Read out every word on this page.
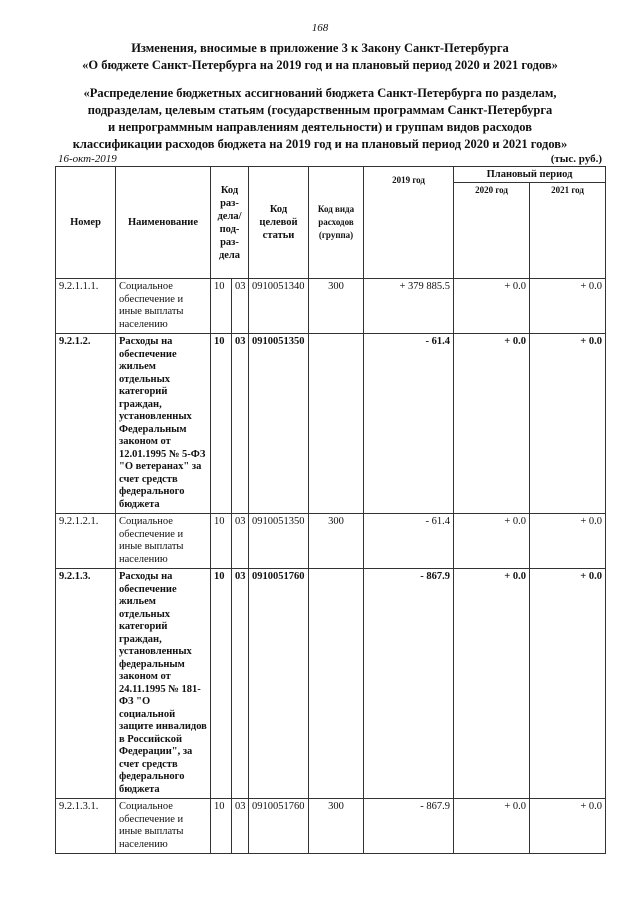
168
Изменения, вносимые в приложение 3 к Закону Санкт-Петербурга
«О бюджете Санкт-Петербурга на 2019 год и на плановый период 2020 и 2021 годов»
«Распределение бюджетных ассигнований бюджета Санкт-Петербурга по разделам,
подразделам, целевым статьям (государственным программам Санкт-Петербурга
и непрограммным направлениям деятельности) и группам видов расходов
классификации расходов бюджета на 2019 год и на плановый период 2020 и 2021 годов»
16-окт-2019	(тыс. руб.)
Номер	Наименование	Код раз- дела/ под- раз- дела		Код целевой статьи	Код вида расходов (группа)	2019 год	Плановый период	
							2020 год	2021 год
9.2.1.1.1.	Социальное обеспечение и иные выплаты населению	10	03	0910051340	300	+ 379 885.5	+ 0.0	+ 0.0
9.2.1.2.	Расходы на обеспечение жильем отдельных категорий граждан, установленных Федеральным законом от 12.01.1995 № 5-ФЗ "О ветеранах" за счет средств федерального бюджета	10	03	0910051350		- 61.4	+ 0.0	+ 0.0
9.2.1.2.1.	Социальное обеспечение и иные выплаты населению	10	03	0910051350	300	- 61.4	+ 0.0	+ 0.0
9.2.1.3.	Расходы на обеспечение жильем отдельных категорий граждан, установленных федеральным законом от 24.11.1995 № 181-ФЗ "О социальной защите инвалидов в Российской Федерации", за счет средств федерального бюджета	10	03	0910051760		- 867.9	+ 0.0	+ 0.0
9.2.1.3.1.	Социальное обеспечение и иные выплаты населению	10	03	0910051760	300	- 867.9	+ 0.0	+ 0.0
